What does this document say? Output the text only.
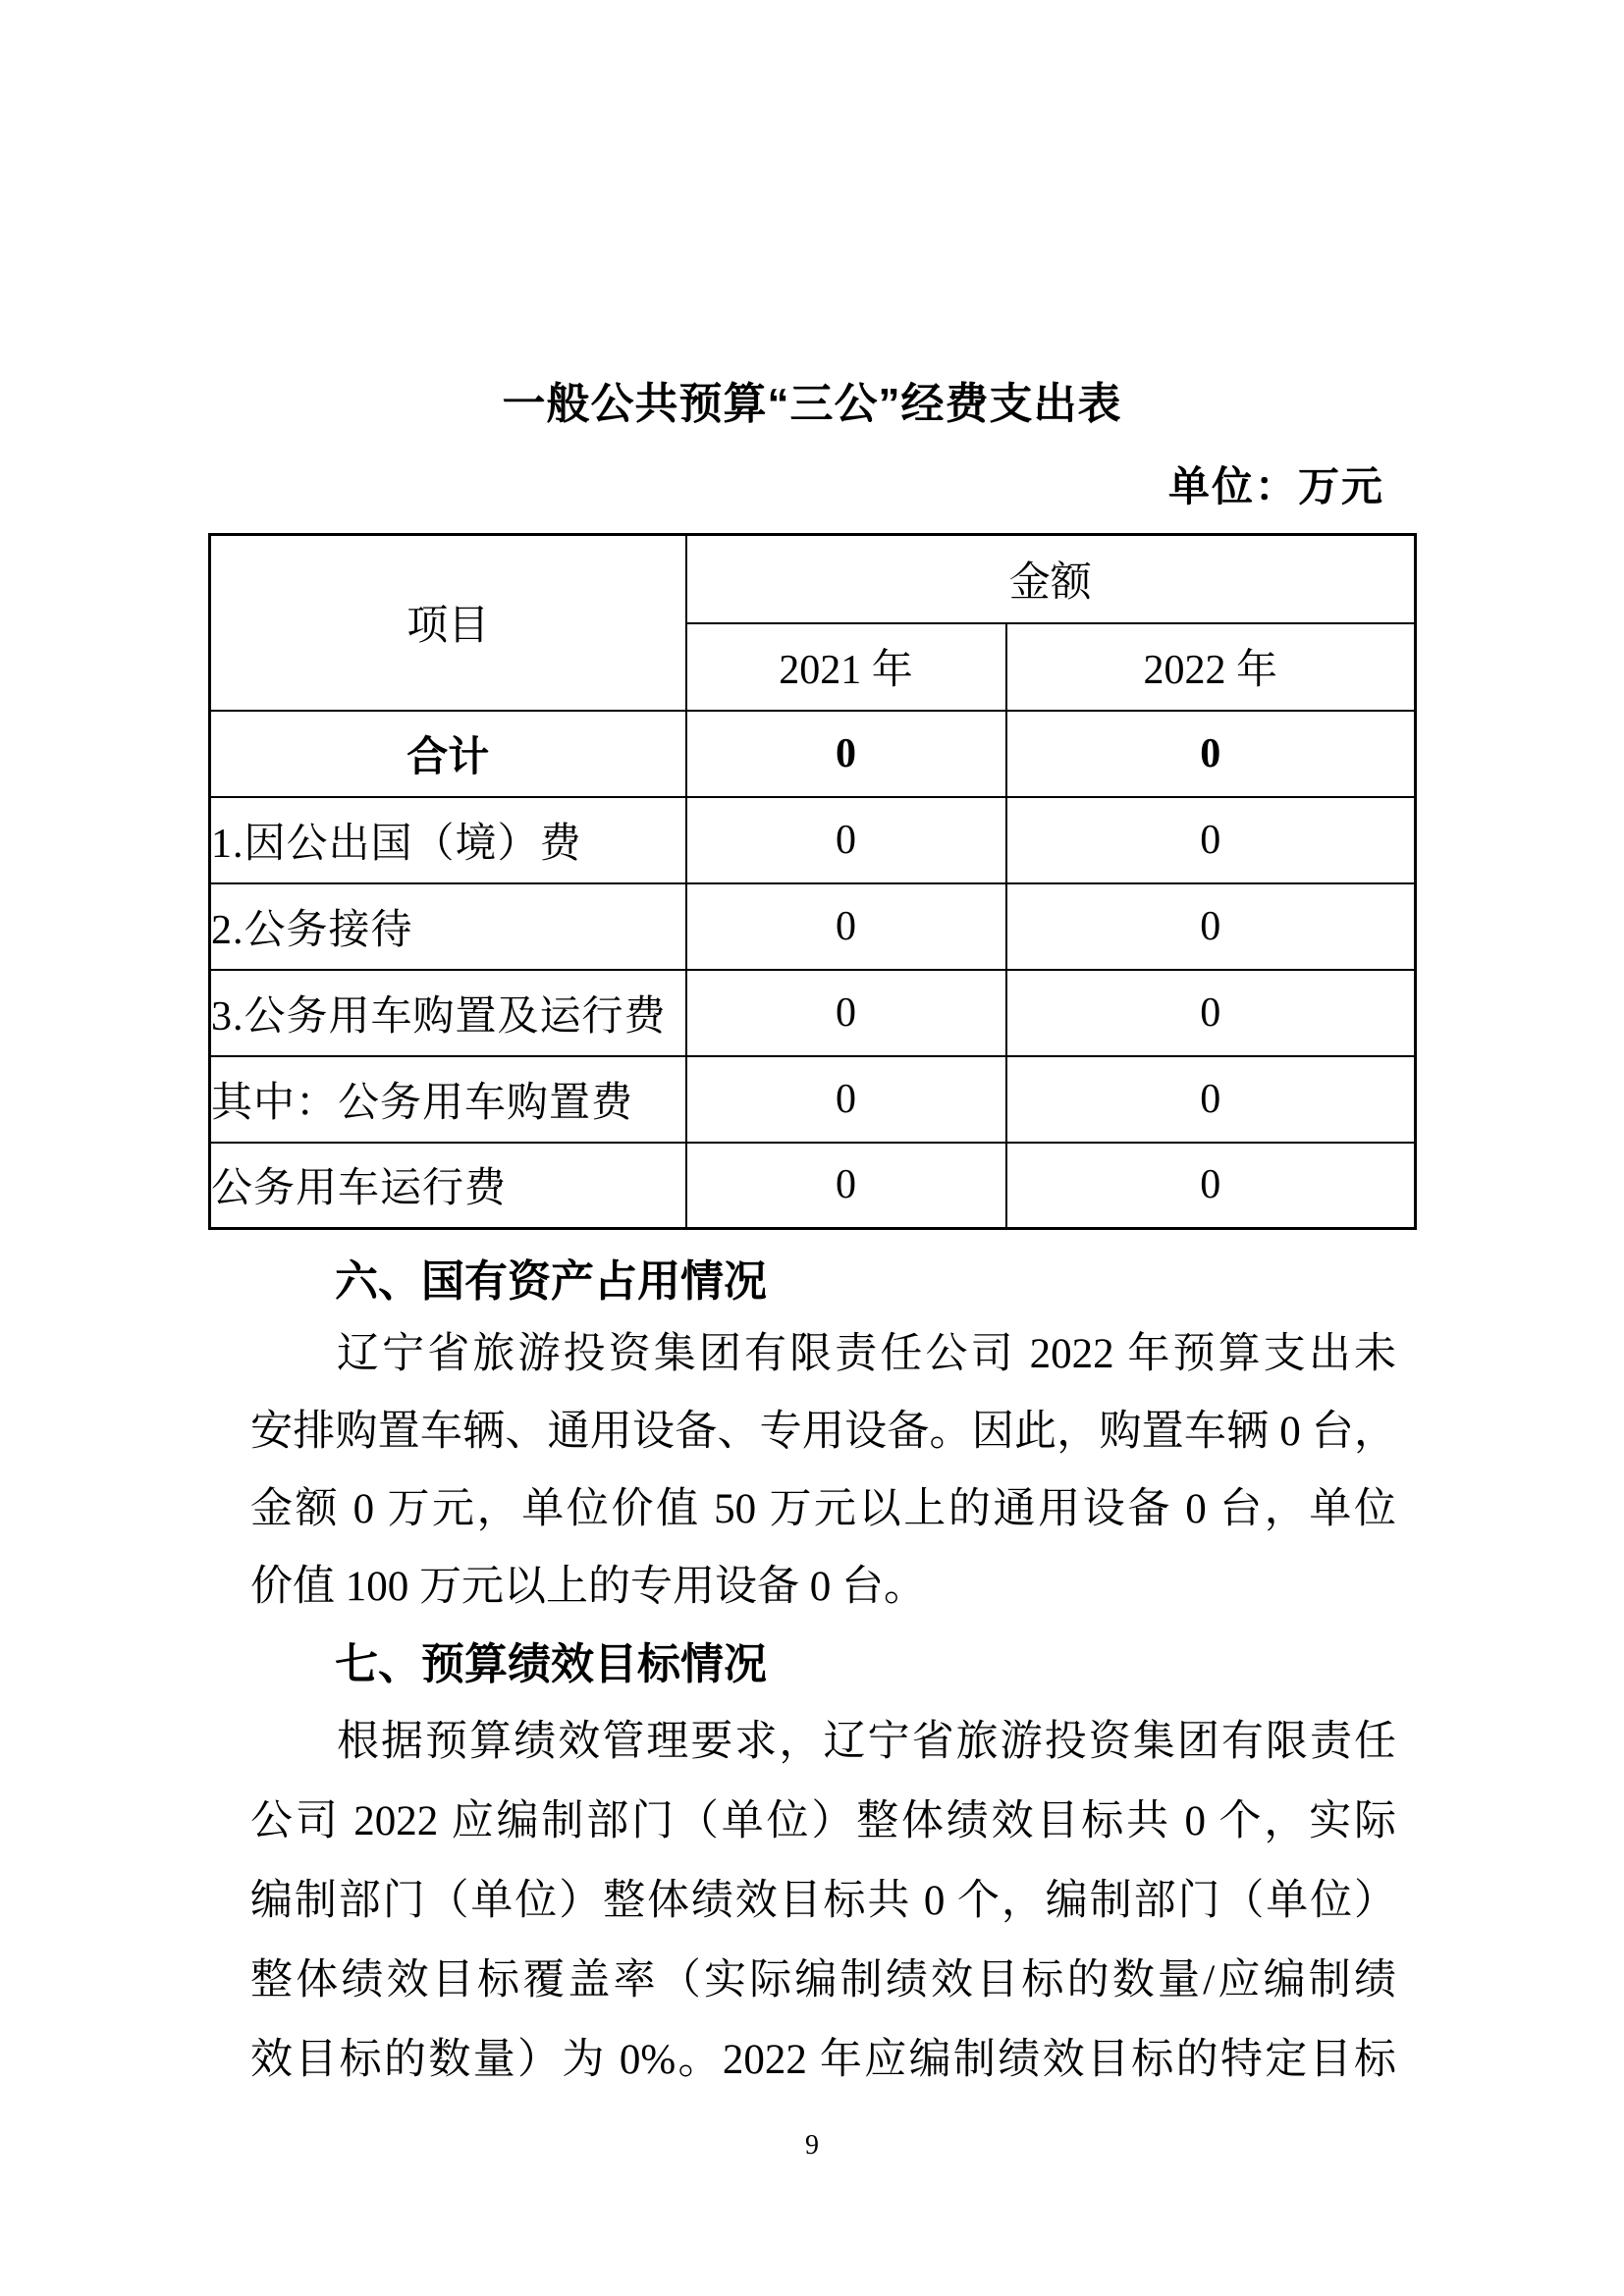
一般公共预算“三公”经费支出表
单位：万元
项目	金额	
	2021 年	2022 年
合计	0	0
1.因公出国（境）费	0	0
2.公务接待	0	0
3.公务用车购置及运行费	0	0
其中：公务用车购置费	0	0
公务用车运行费	0	0
六、国有资产占用情况
辽宁省旅游投资集团有限责任公司 2022 年预算支出未
安排购置车辆、通用设备、专用设备。因此，购置车辆 0 台，
金额 0 万元，单位价值 50 万元以上的通用设备 0 台，单位
价值 100 万元以上的专用设备 0 台。
七、预算绩效目标情况
根据预算绩效管理要求，辽宁省旅游投资集团有限责任
公司 2022 应编制部门（单位）整体绩效目标共 0 个，实际
编制部门（单位）整体绩效目标共 0 个，编制部门（单位）
整体绩效目标覆盖率（实际编制绩效目标的数量/应编制绩
效目标的数量）为 0%。2022 年应编制绩效目标的特定目标
9
